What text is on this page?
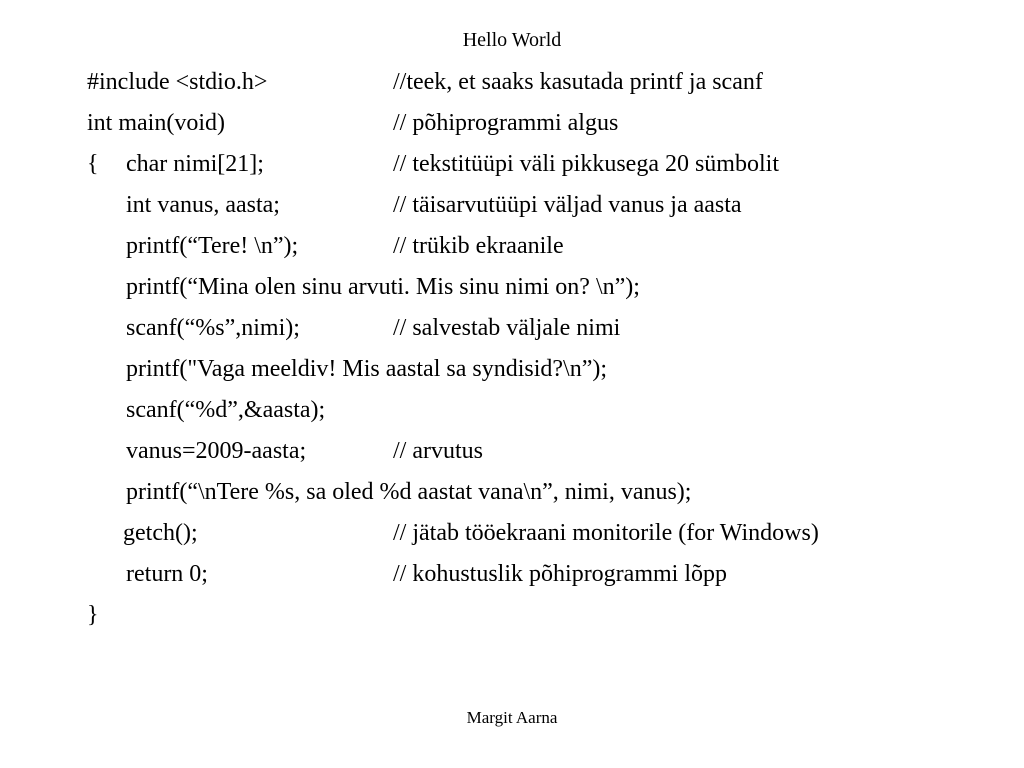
Hello World
#include <stdio.h>	//teek, et saaks kasutada printf ja scanf
int main(void)	// põhiprogrammi algus
{ char nimi[21];	// tekstitüüpi väli pikkusega 20 sümbolit
int vanus, aasta;	// täisarvutüüpi väljad vanus ja aasta
printf(“Tere! \n”);	// trükib ekraanile
printf(“Mina olen sinu arvuti. Mis sinu nimi on? \n”);
scanf(“%s”,nimi);	// salvestab väljale nimi
printf("Vaga meeldiv! Mis aastal sa syndisid?\n”);
scanf(“%d”,&aasta);
vanus=2009-aasta;	// arvutus
printf(“\nTere %s, sa oled %d aastat vana\n”, nimi, vanus);
getch();	// jätab tööekraani monitorile (for Windows)
return 0;	// kohustuslik põhiprogrammi lõpp
}
Margit Aarna
